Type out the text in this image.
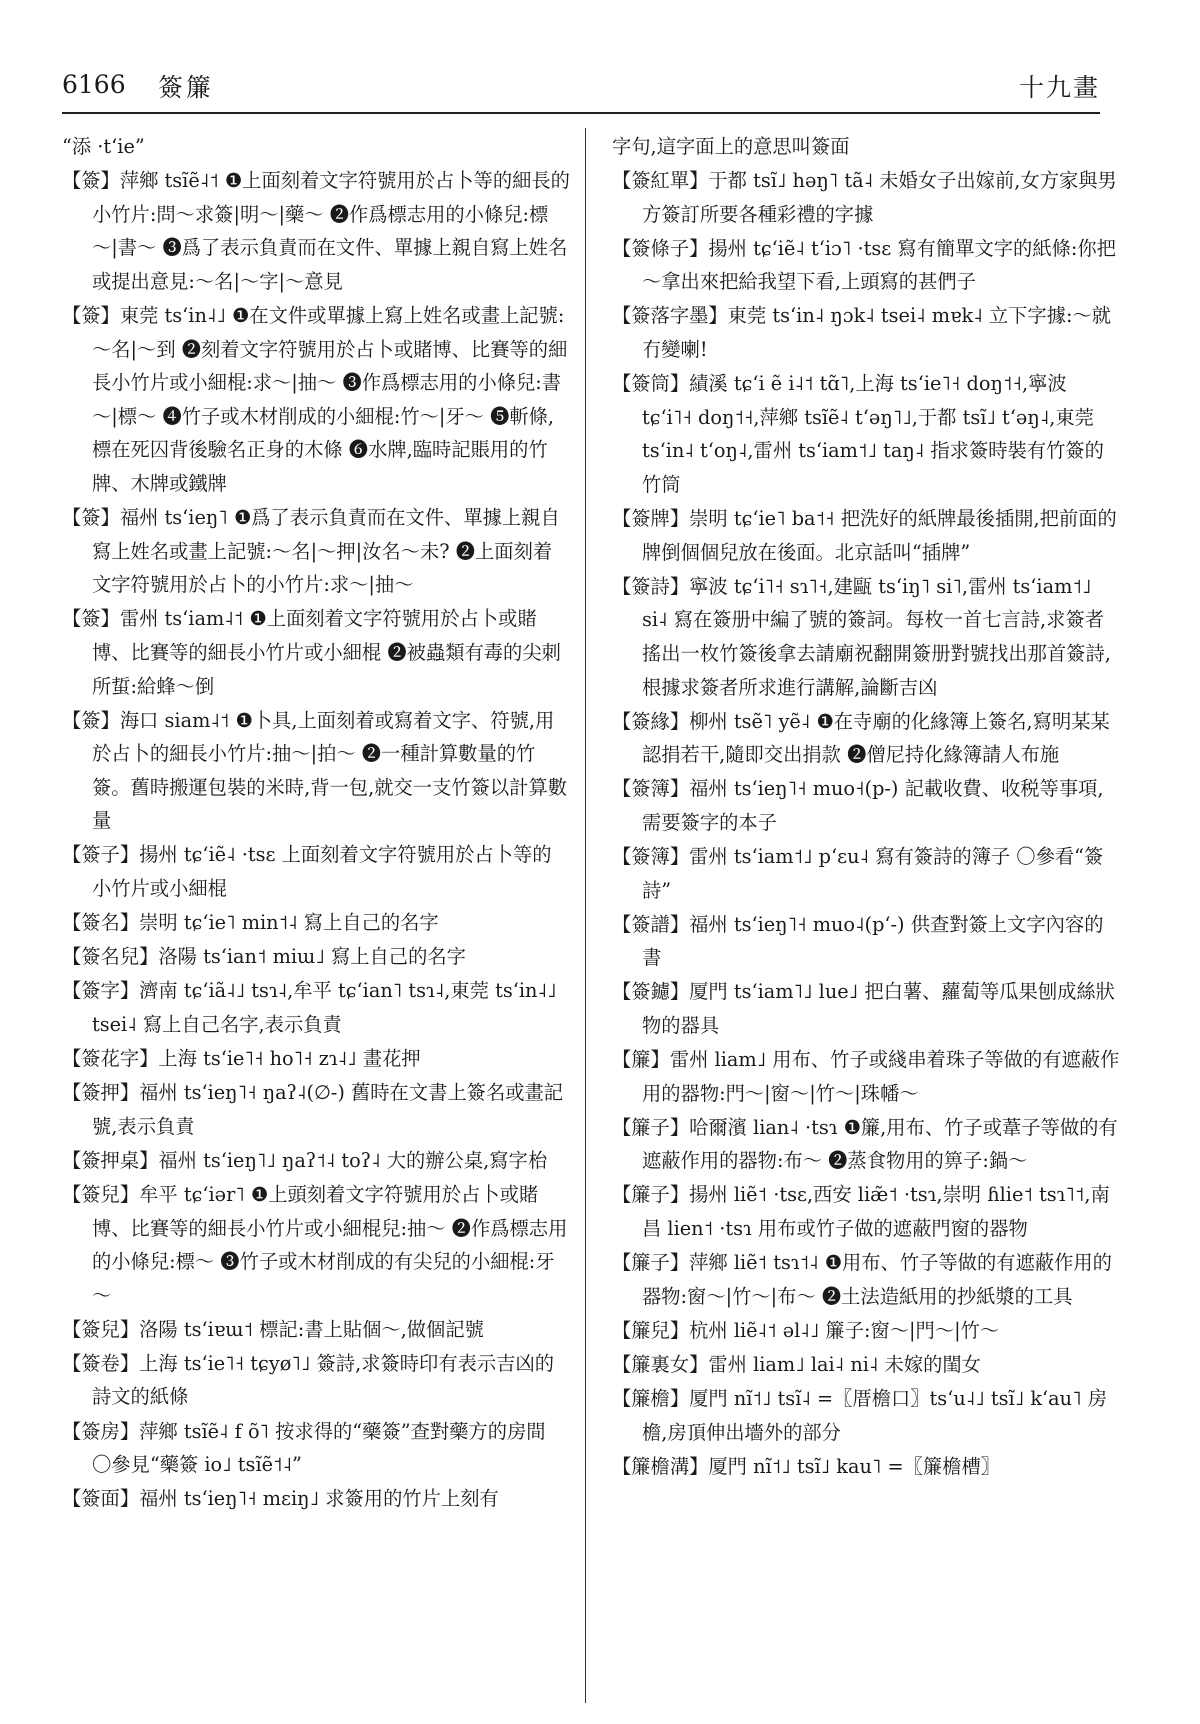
6166 簽簾	十九畫

“添 ·t‘ie”

【簽】萍鄉 tsĩẽ˨˦ ❶上面刻着文字符號用於占卜等的細長的小竹片:問～求簽|明～|藥～ ❷作爲標志用的小條兒:標～|書～ ❸爲了表示負責而在文件、單據上親自寫上姓名或提出意見:～名|～字|～意見

【簽】東莞 ts‘in˨˩ ❶在文件或單據上寫上姓名或畫上記號:～名|～到 ❷刻着文字符號用於占卜或賭博、比賽等的細長小竹片或小細棍:求～|抽～ ❸作爲標志用的小條兒:書～|標～ ❹竹子或木材削成的小細棍:竹～|牙～ ❺斬條,標在死囚背後驗名正身的木條 ❻水牌,臨時記賬用的竹牌、木牌或鐵牌

【簽】福州 ts‘ieŋ˥ ❶爲了表示負責而在文件、單據上親自寫上姓名或畫上記號:～名|～押|汝名～未? ❷上面刻着文字符號用於占卜的小竹片:求～|抽～

【簽】雷州 ts‘iam˨˦ ❶上面刻着文字符號用於占卜或賭博、比賽等的細長小竹片或小細棍 ❷被蟲類有毒的尖刺所蜇:給蜂～倒

【簽】海口 siam˨˦ ❶卜具,上面刻着或寫着文字、符號,用於占卜的細長小竹片:抽～|拍～ ❷一種計算數量的竹簽。舊時搬運包裝的米時,背一包,就交一支竹簽以計算數量

【簽子】揚州 tɕ‘iẽ˨ ·tsɛ 上面刻着文字符號用於占卜等的小竹片或小細棍

【簽名】崇明 tɕ‘ie˥ min˦˨ 寫上自己的名字

【簽名兒】洛陽 ts‘ian˦ miɯ˩ 寫上自己的名字

【簽字】濟南 tɕ‘iã˨˩ tsɿ˨,牟平 tɕ‘ian˥ tsɿ˨,東莞 ts‘in˨˩ tsei˨ 寫上自己名字,表示負責

【簽花字】上海 ts‘ie˥˧ ho˥˧ zɿ˨˩ 畫花押

【簽押】福州 ts‘ieŋ˥˧ ŋaʔ˨(∅-) 舊時在文書上簽名或畫記號,表示負責

【簽押桌】福州 ts‘ieŋ˥˩ ŋaʔ˦˨ toʔ˨ 大的辦公桌,寫字枱

【簽兒】牟平 tɕ‘iər˥ ❶上頭刻着文字符號用於占卜或賭博、比賽等的細長小竹片或小細棍兒:抽～ ❷作爲標志用的小條兒:標～ ❸竹子或木材削成的有尖兒的小細棍:牙～

【簽兒】洛陽 ts‘iɐɯ˦ 標記:書上貼個～,做個記號

【簽卷】上海 ts‘ie˥˧ tɕyø˥˩ 簽詩,求簽時印有表示吉凶的詩文的紙條

【簽房】萍鄉 tsĩẽ˨ f õ˥ 按求得的“藥簽”查對藥方的房間 〇參見“藥簽 io˩ tsĩẽ˦˨”

【簽面】福州 ts‘ieŋ˥˧ mɛiŋ˩ 求簽用的竹片上刻有

字句,這字面上的意思叫簽面

【簽紅單】于都 tsĩ˩ həŋ˥ tã˨ 未婚女子出嫁前,女方家與男方簽訂所要各種彩禮的字據

【簽條子】揚州 tɕ‘iẽ˨ t‘iɔ˥ ·tsɛ 寫有簡單文字的紙條:你把～拿出來把給我望下看,上頭寫的甚們子

【簽落字墨】東莞 ts‘in˨ ŋɔk˨ tsei˨ mɐk˨ 立下字據:～就冇變喇!

【簽筒】績溪 tɕ‘i ẽ i˨˦ tɑ̃˥,上海 ts‘ie˥˧ doŋ˦˧,寧波 tɕ‘i˥˧ doŋ˦˧,萍鄉 tsĩẽ˨ t‘əŋ˥˩,于都 tsĩ˩ t‘əŋ˨,東莞 ts‘in˨ t‘oŋ˨,雷州 ts‘iam˦˩ taŋ˨ 指求簽時裝有竹簽的竹筒

【簽牌】崇明 tɕ‘ie˥ ba˦˧ 把洗好的紙牌最後插開,把前面的牌倒個個兒放在後面。北京話叫“插牌”

【簽詩】寧波 tɕ‘i˥˧ sɿ˥˧,建甌 ts‘iŋ˥ si˥,雷州 ts‘iam˦˩ si˨ 寫在簽册中編了號的簽詞。每枚一首七言詩,求簽者搖出一枚竹簽後拿去請廟祝翻開簽册對號找出那首簽詩,根據求簽者所求進行講解,論斷吉凶

【簽緣】柳州 tsẽ˥ yẽ˨ ❶在寺廟的化緣簿上簽名,寫明某某認捐若干,隨即交出捐款 ❷僧尼持化緣簿請人布施

【簽簿】福州 ts‘ieŋ˥˧ muo˧(p-) 記載收費、收税等事項,需要簽字的本子

【簽簿】雷州 ts‘iam˦˩ p‘ɛu˨ 寫有簽詩的簿子 〇參看“簽詩”

【簽譜】福州 ts‘ieŋ˥˧ muo˨(p‘-) 供查對簽上文字內容的書

【簽鑢】厦門 ts‘iam˥˩ lue˩ 把白薯、蘿蔔等瓜果刨成絲狀物的器具

【簾】雷州 liam˩ 用布、竹子或綫串着珠子等做的有遮蔽作用的器物:門～|窗～|竹～|珠幡～

【簾子】哈爾濱 lian˨ ·tsɿ ❶簾,用布、竹子或葦子等做的有遮蔽作用的器物:布～ ❷蒸食物用的箅子:鍋～

【簾子】揚州 liẽ˦ ·tsɛ,西安 liæ̃˦ ·tsɿ,崇明 ɦlie˦ tsɿ˥˦,南昌 lien˦ ·tsɿ 用布或竹子做的遮蔽門窗的器物

【簾子】萍鄉 liẽ˦ tsɿ˦˨ ❶用布、竹子等做的有遮蔽作用的器物:窗～|竹～|布～ ❷土法造紙用的抄紙漿的工具

【簾兒】杭州 liẽ˨˦ əl˨˩ 簾子:窗～|門～|竹～

【簾裏女】雷州 liam˩ lai˨ ni˨ 未嫁的閨女

【簾檐】厦門 nĩ˦˩ tsĩ˨ =〖厝檐口〗ts‘u˨˩ tsĩ˩ k‘au˥ 房檐,房頂伸出墻外的部分

【簾檐溝】厦門 nĩ˦˩ tsĩ˩ kau˥ =〖簾檐槽〗
